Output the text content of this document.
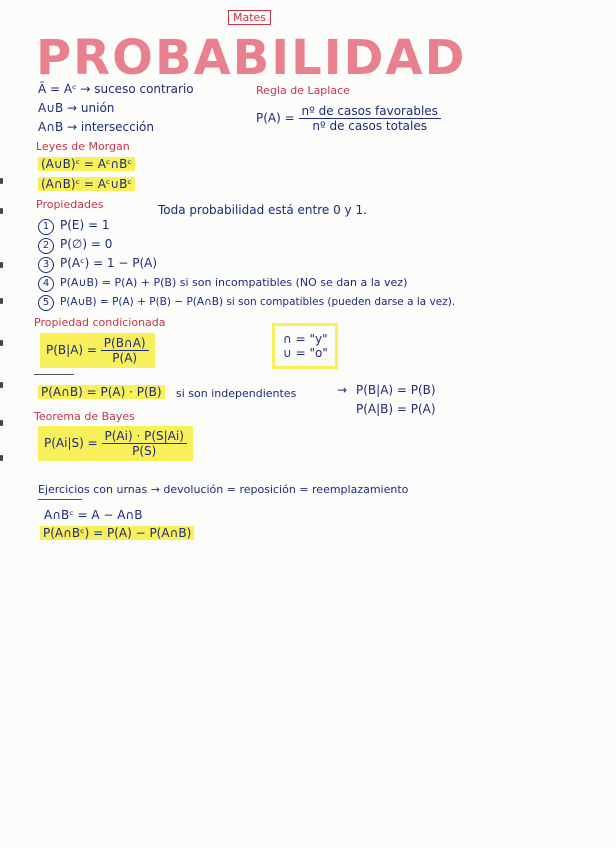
Mates
PROBABILIDAD
Ā = Aᶜ → suceso contrario
A∪B → unión
A∩B → intersección
Regla de Laplace
$P(A) = \frac{\text{nº de casos favorables}}{\text{nº de casos totales}}$
Leyes de Morgan
(A∪B)ᶜ = Aᶜ∩Bᶜ
(A∩B)ᶜ = Aᶜ∪Bᶜ
Propiedades	Toda probabilidad está entre 0 y 1.
1 P(E) = 1
2 P(∅) = 0
3 P(Aᶜ) = 1 − P(A)
4 P(A∪B) = P(A) + P(B) si son incompatibles (NO se dan a la vez)
5 P(A∪B) = P(A) + P(B) − P(A∩B) si son compatibles (pueden darse a la vez).
Propiedad condicionada
$P(B|A) = \frac{P(B\cap A)}{P(A)}$	∩ = "y"
∪ = "o"
P(A∩B) = P(A) · P(B) si son independientes	→ P(B|A) = P(B)
P(A|B) = P(A)
Teorema de Bayes
$P(Ai|S) = \frac{P(Ai) \cdot P(S|Ai)}{P(S)}$
Ejercicios con urnas → devolución = reposición = reemplazamiento
A∩Bᶜ = A − A∩B
P(A∩Bᶜ) = P(A) − P(A∩B)
